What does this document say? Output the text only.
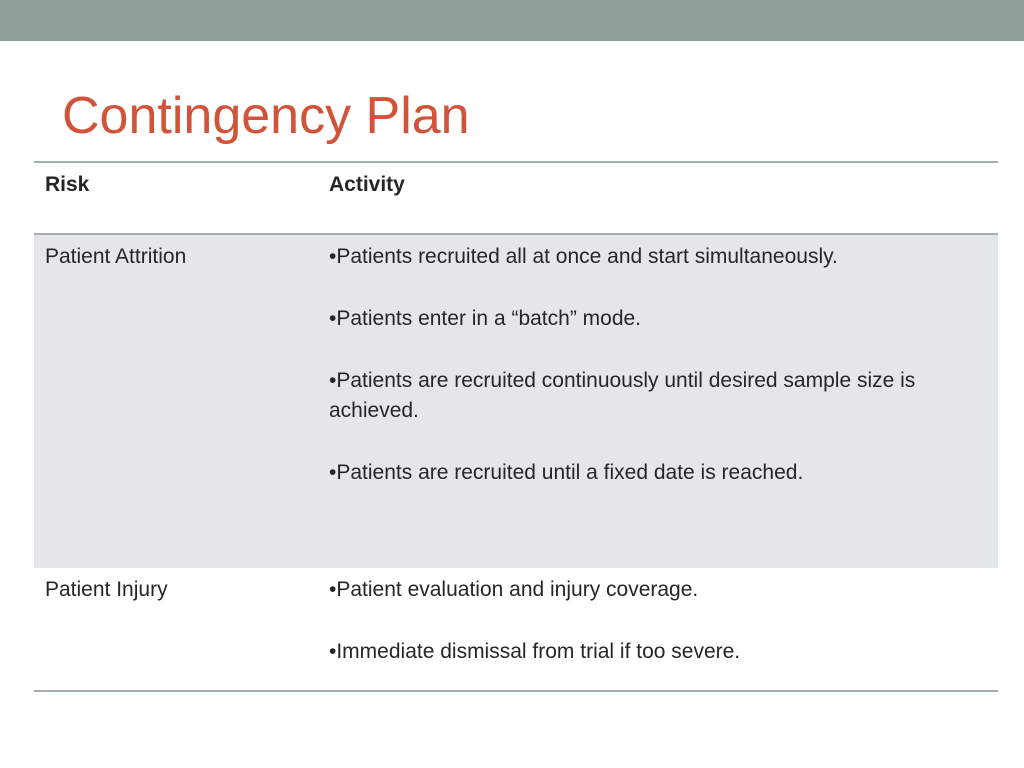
Contingency Plan
Risk	Activity
Patient Attrition	•Patients recruited all at once and start simultaneously.

•Patients enter in a “batch” mode.

•Patients are recruited continuously until desired sample size is achieved.

•Patients are recruited until a fixed date is reached.

Patient Injury	•Patient evaluation and injury coverage.

•Immediate dismissal from trial if too severe.
